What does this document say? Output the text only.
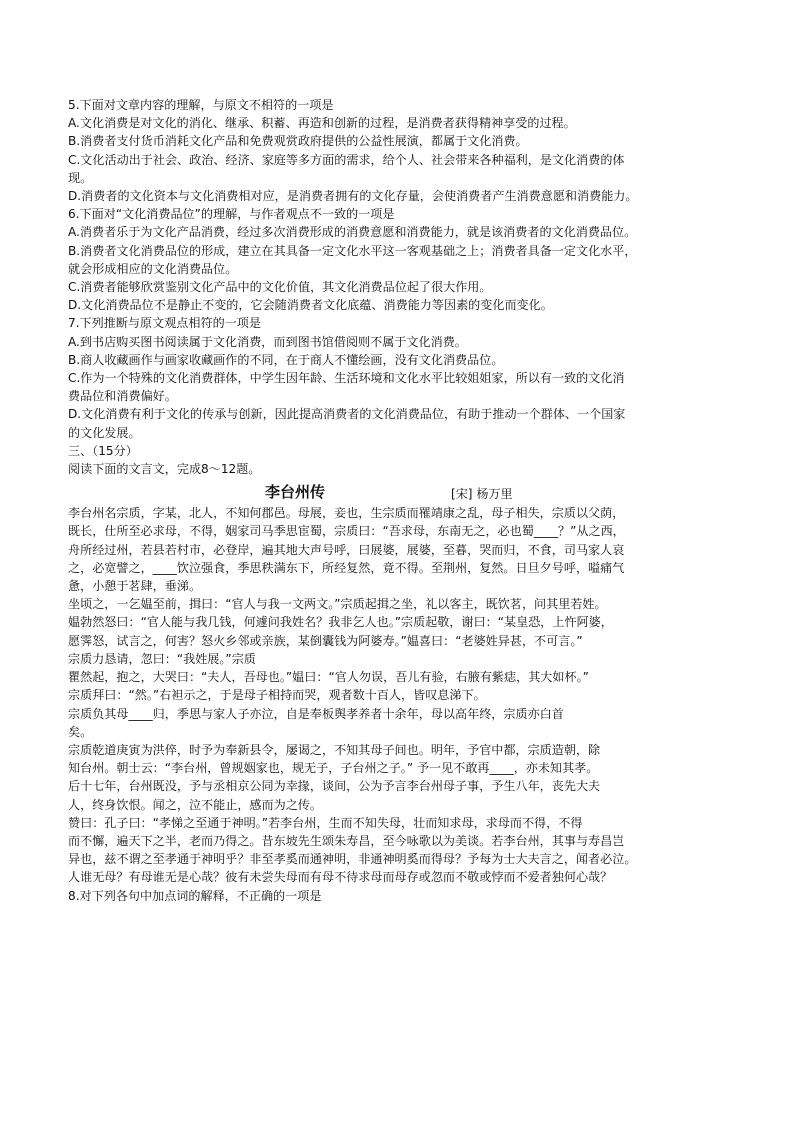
5.下面对文章内容的理解，与原文不相符的一项是
A.文化消费是对文化的消化、继承、积蓄、再造和创新的过程，是消费者获得精神享受的过程。
B.消费者支付货币消耗文化产品和免费观赏政府提供的公益性展演，都属于文化消费。
C.文化活动出于社会、政治、经济、家庭等多方面的需求，给个人、社会带来各种福利，是文化消费的体
现。
D.消费者的文化资本与文化消费相对应，是消费者拥有的文化存量，会使消费者产生消费意愿和消费能力。
6.下面对“文化消费品位”的理解，与作者观点不一致的一项是
A.消费者乐于为文化产品消费，经过多次消费形成的消费意愿和消费能力，就是该消费者的文化消费品位。
B.消费者文化消费品位的形成，建立在其具备一定文化水平这一客观基础之上；消费者具备一定文化水平，
就会形成相应的文化消费品位。
C.消费者能够欣赏鉴别文化产品中的文化价值，其文化消费品位起了很大作用。
D.文化消费品位不是静止不变的，它会随消费者文化底蕴、消费能力等因素的变化而变化。
7.下列推断与原文观点相符的一项是
A.到书店购买图书阅读属于文化消费，而到图书馆借阅则不属于文化消费。
B.商人收藏画作与画家收藏画作的不同，在于商人不懂绘画，没有文化消费品位。
C.作为一个特殊的文化消费群体，中学生因年龄、生活环境和文化水平比较姐姐家，所以有一致的文化消
费品位和消费偏好。
D.文化消费有利于文化的传承与创新，因此提高消费者的文化消费品位，有助于推动一个群体、一个国家
的文化发展。
三、（15分）
阅读下面的文言文，完成8～12题。
李台州传	[宋] 杨万里
李台州名宗质，字某，北人，不知何郡邑。母展，妾也，生宗质而罹靖康之乱，母子相失，宗质以父荫，
既长，仕所至必求母，不得，姻家司马季思宦蜀，宗质曰：“吾求母，东南无之，必也蜀____？”从之西，
舟所经过州，若县若村市，必登岸，遍其地大声号呼，曰展婆，展婆，至暮，哭而归，不食，司马家人哀
之，必宽譬之，____饮泣强食，季思秩满东下，所经复然，竟不得。至荆州，复然。日旦夕号呼，嗌痛气
惫，小憩于茗肆，垂涕。
坐顷之，一乞媪至前，揖曰：“官人与我一文两文。”宗质起揖之坐，礼以客主，既饮茗，问其里若姓。
媪勃然怒曰：“官人能与我几钱，何遽问我姓名？我非乞人也。”宗质起敬，谢曰：“某皇恐，上忤阿婆，
愿霁怒，试言之，何害？怒火乡邻或亲族，某倒囊钱为阿婆寿。”媪喜曰：“老婆姓异甚，不可言。”
宗质力恳请，忽曰：“我姓展。”宗质
瞿然起，抱之，大哭曰：“夫人，吾母也。”媪曰：“官人勿误，吾儿有验，右腋有紫痣，其大如杯。”
宗质拜曰：“然。”右袒示之，于是母子相持而哭，观者数十百人，皆叹息涕下。
宗质负其母____归，季思与家人子亦泣，自是奉板舆孝养者十余年，母以高年终，宗质亦白首
矣。
宗质乾道庚寅为洪倅，时予为奉新县令，屡谒之，不知其母子间也。明年，予官中都，宗质造朝，除
知台州。朝士云：“李台州，曾规姻家也，规无子，子台州之子。” 予一见不敢再____，亦未知其孝。
后十七年，台州既没，予与丞相京公同为幸掾，谈间，公为予言李台州母子事，予生八年，丧先大夫
人，终身饮恨。闻之，泣不能止，感而为之传。
赞曰：孔子曰：“孝悌之至通于神明。”若李台州，生而不知失母，壮而知求母，求母而不得，不得
而不懈，遍天下之半，老而乃得之。昔东坡先生颂朱寿昌，至今咏歌以为美谈。若李台州，其事与寿昌岂
异也，兹不谓之至孝通于神明乎？非至孝奚而通神明，非通神明奚而得母？予每为士大夫言之，闻者必泣。
人谁无母？有母谁无是心哉？彼有未尝失母而有母不待求母而母存或忽而不敬或悖而不爱者独何心哉？
8.对下列各句中加点词的解释，不正确的一项是
